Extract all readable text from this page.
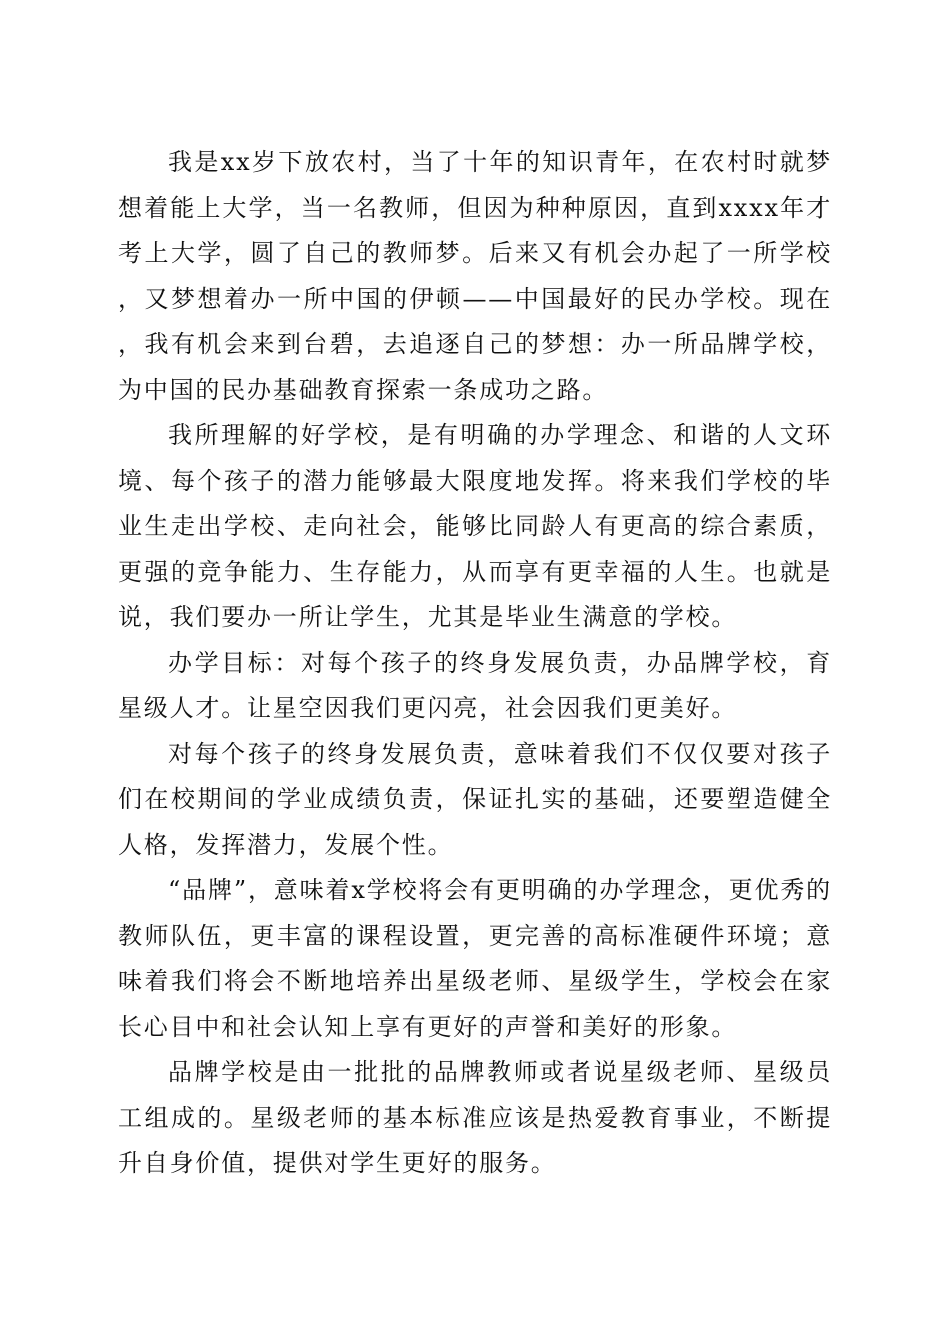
我是xx岁下放农村，当了十年的知识青年，在农村时就梦想着能上大学，当一名教师，但因为种种原因，直到xxxx年才考上大学，圆了自己的教师梦。后来又有机会办起了一所学校，又梦想着办一所中国的伊顿——中国最好的民办学校。现在，我有机会来到台碧，去追逐自己的梦想：办一所品牌学校，为中国的民办基础教育探索一条成功之路。

我所理解的好学校，是有明确的办学理念、和谐的人文环境、每个孩子的潜力能够最大限度地发挥。将来我们学校的毕业生走出学校、走向社会，能够比同龄人有更高的综合素质，更强的竞争能力、生存能力，从而享有更幸福的人生。也就是说，我们要办一所让学生，尤其是毕业生满意的学校。

办学目标：对每个孩子的终身发展负责，办品牌学校，育星级人才。让星空因我们更闪亮，社会因我们更美好。

对每个孩子的终身发展负责，意味着我们不仅仅要对孩子们在校期间的学业成绩负责，保证扎实的基础，还要塑造健全人格，发挥潜力，发展个性。

“品牌”，意味着x学校将会有更明确的办学理念，更优秀的教师队伍，更丰富的课程设置，更完善的高标准硬件环境；意味着我们将会不断地培养出星级老师、星级学生，学校会在家长心目中和社会认知上享有更好的声誉和美好的形象。

品牌学校是由一批批的品牌教师或者说星级老师、星级员工组成的。星级老师的基本标准应该是热爱教育事业，不断提升自身价值，提供对学生更好的服务。
